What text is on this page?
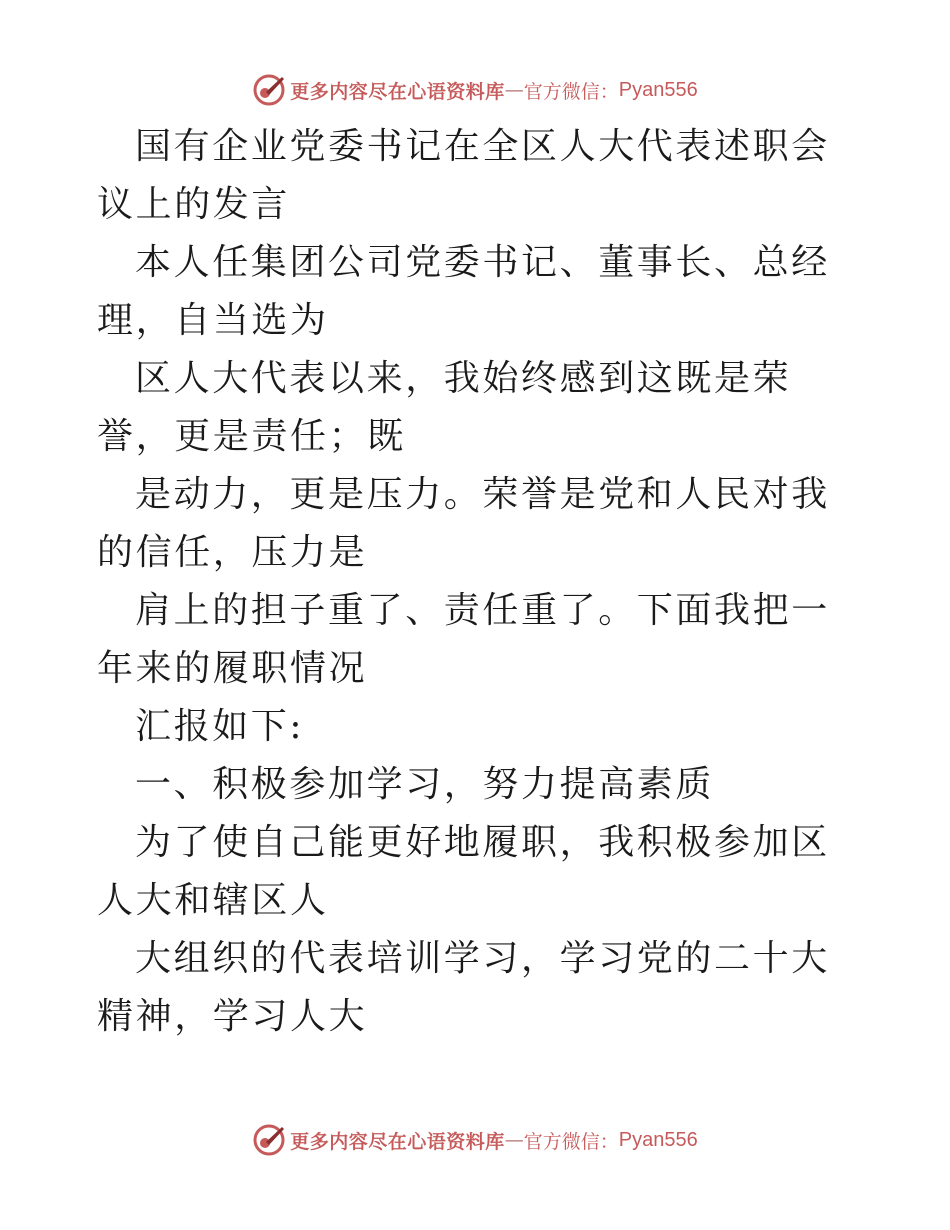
更多内容尽在心语资料库 — 官方微信： Pyan556

国有企业党委书记在全区人大代表述职会议上的发言

本人任集团公司党委书记、董事长、总经理，自当选为

区人大代表以来，我始终感到这既是荣誉，更是责任；既

是动力，更是压力。荣誉是党和人民对我的信任，压力是

肩上的担子重了、责任重了。下面我把一年来的履职情况

汇报如下:

一、积极参加学习，努力提高素质

为了使自己能更好地履职，我积极参加区人大和辖区人

大组织的代表培训学习，学习党的二十大精神，学习人大

更多内容尽在心语资料库 — 官方微信： Pyan556
